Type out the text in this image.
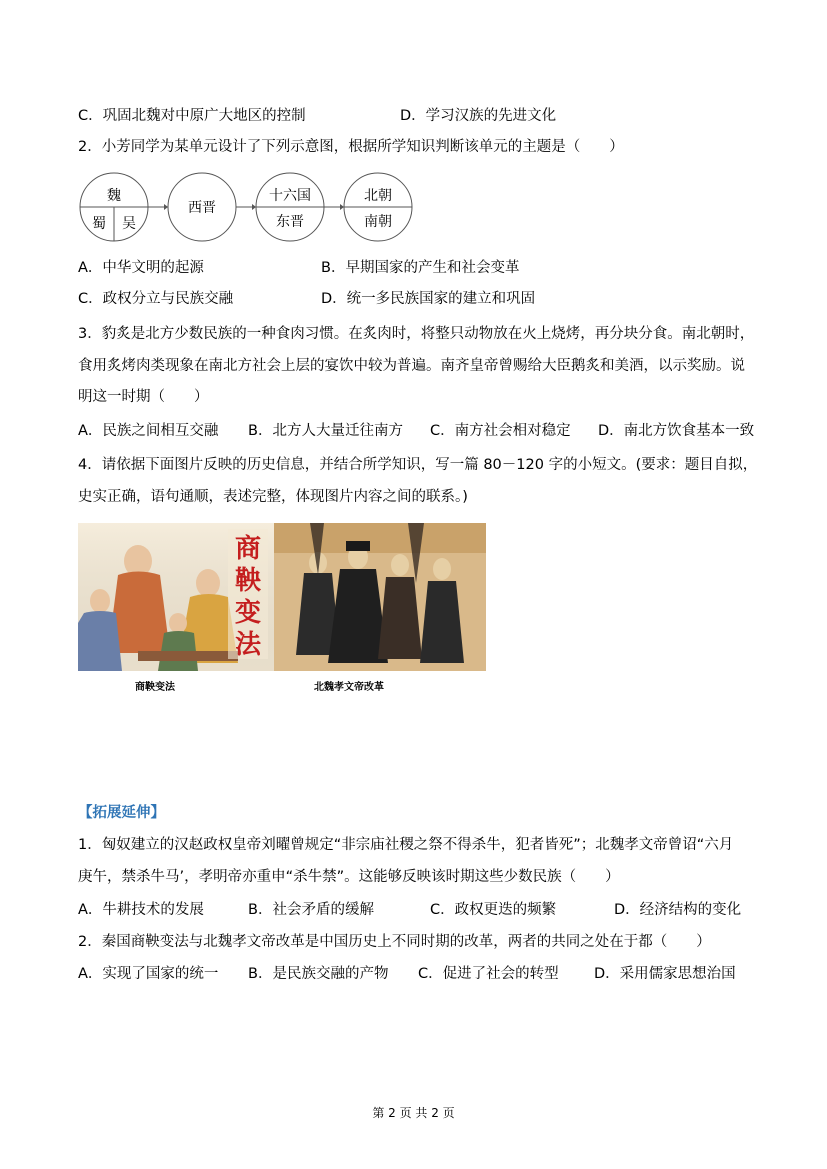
C．巩固北魏对中原广大地区的控制	D．学习汉族的先进文化
2．小芳同学为某单元设计了下列示意图，根据所学知识判断该单元的主题是（　　）
魏
蜀 吴
西晋
十六国
东晋
北朝
南朝
A．中华文明的起源	B．早期国家的产生和社会变革
C．政权分立与民族交融	D．统一多民族国家的建立和巩固
3．豹炙是北方少数民族的一种食肉习惯。在炙肉时，将整只动物放在火上烧烤，再分块分食。南北朝时，
食用炙烤肉类现象在南北方社会上层的宴饮中较为普遍。南齐皇帝曾赐给大臣鹅炙和美酒，以示奖励。说
明这一时期（　　）
A．民族之间相互交融 B．北方人大量迁往南方 C．南方社会相对稳定 D．南北方饮食基本一致
4．请依据下面图片反映的历史信息，并结合所学知识，写一篇 80－120 字的小短文。(要求：题目自拟，
史实正确，语句通顺，表述完整，体现图片内容之间的联系。)
商
鞅
变
法
商鞅变法	北魏孝文帝改革
【拓展延伸】
1．匈奴建立的汉赵政权皇帝刘曜曾规定“非宗庙社稷之祭不得杀牛，犯者皆死”；北魏孝文帝曾诏“六月
庚午，禁杀牛马’，孝明帝亦重申“杀牛禁”。这能够反映该时期这些少数民族（　　）
A．牛耕技术的发展	B．社会矛盾的缓解	C．政权更迭的频繁	D．经济结构的变化
2．秦国商鞅变法与北魏孝文帝改革是中国历史上不同时期的改革，两者的共同之处在于都（　　）
A．实现了国家的统一 B．是民族交融的产物 C．促进了社会的转型 D．采用儒家思想治国
第 2 页 共 2 页
